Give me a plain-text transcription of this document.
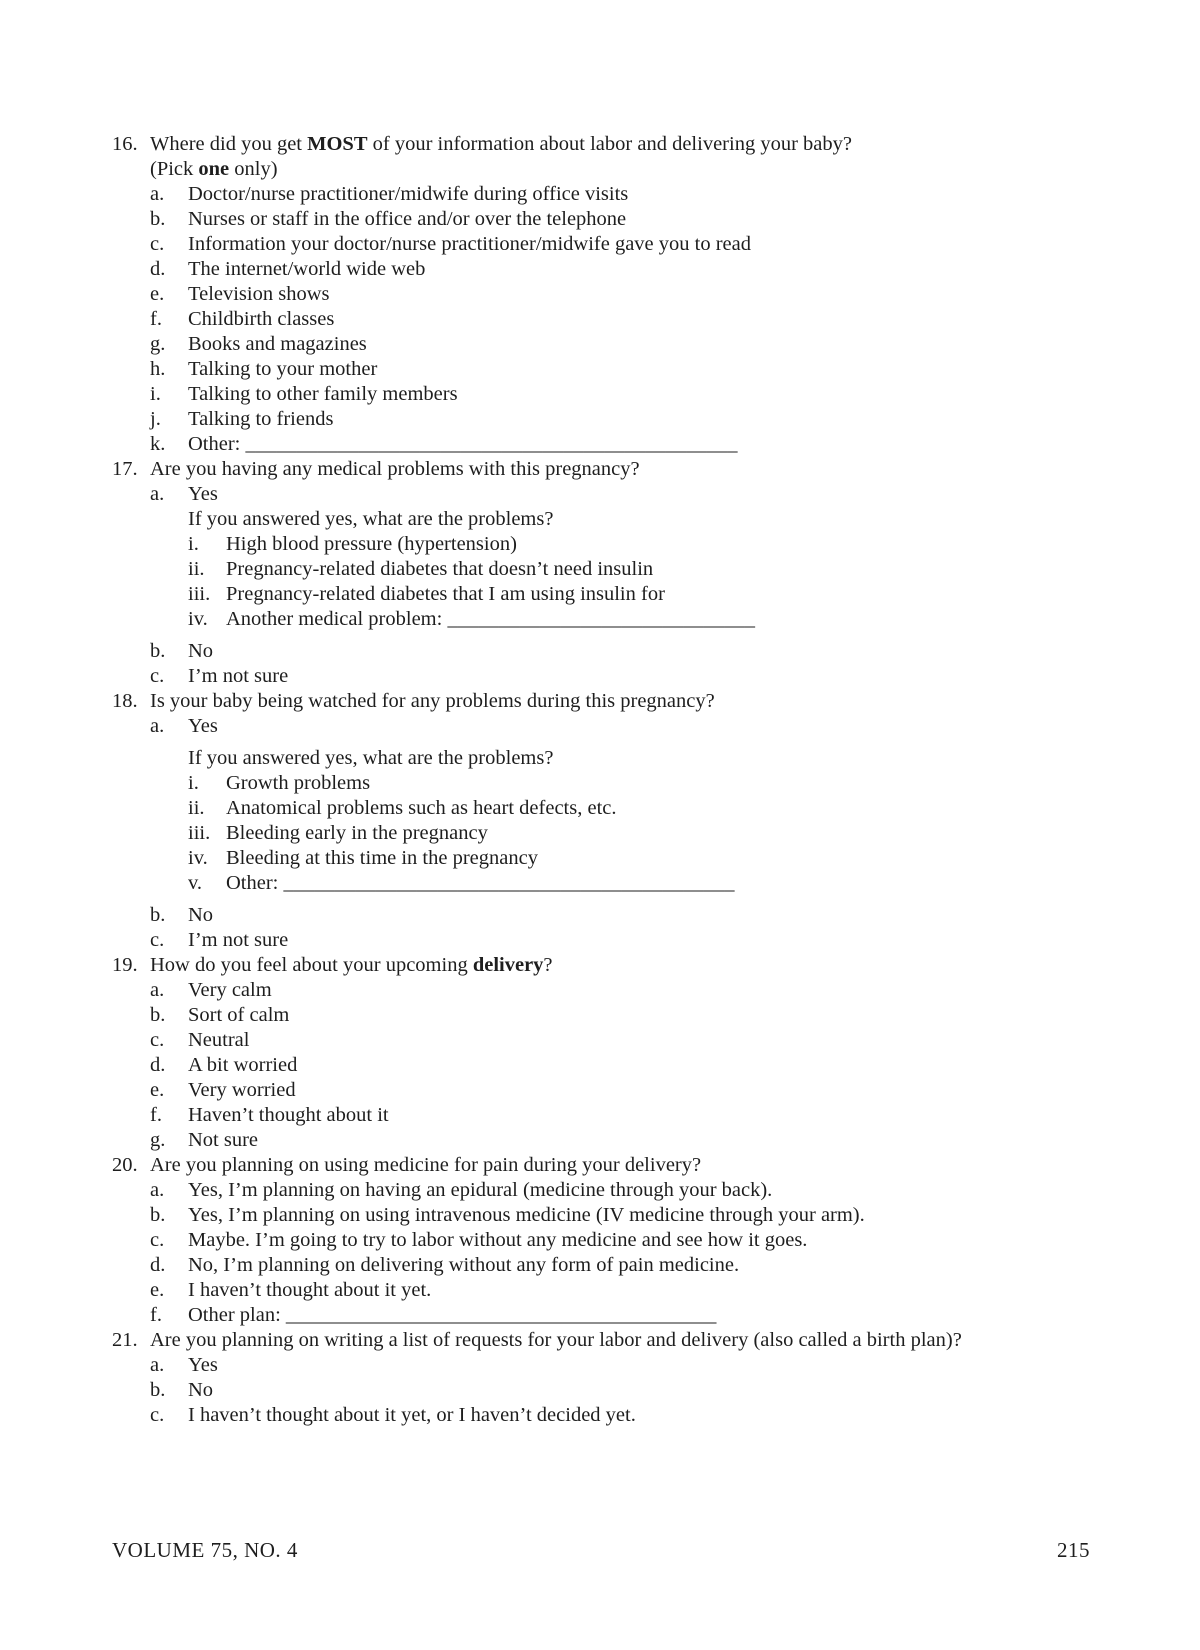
16. Where did you get MOST of your information about labor and delivering your baby?
(Pick one only)
a.	Doctor/nurse practitioner/midwife during office visits
b.	Nurses or staff in the office and/or over the telephone
c.	Information your doctor/nurse practitioner/midwife gave you to read
d.	The internet/world wide web
e.	Television shows
f.	Childbirth classes
g.	Books and magazines
h.	Talking to your mother
i.	Talking to other family members
j.	Talking to friends
k.	Other: ________________________________________________
17. Are you having any medical problems with this pregnancy?
a.	Yes
If you answered yes, what are the problems?
i.	High blood pressure (hypertension)
ii.	Pregnancy-related diabetes that doesn’t need insulin
iii. Pregnancy-related diabetes that I am using insulin for
iv. Another medical problem: ______________________________
b.	No
c.	I’m not sure
18. Is your baby being watched for any problems during this pregnancy?
a.	Yes
If you answered yes, what are the problems?
i.	Growth problems
ii.	Anatomical problems such as heart defects, etc.
iii. Bleeding early in the pregnancy
iv. Bleeding at this time in the pregnancy
v.	Other: ____________________________________________
b.	No
c.	I’m not sure
19. How do you feel about your upcoming delivery?
a.	Very calm
b.	Sort of calm
c.	Neutral
d.	A bit worried
e.	Very worried
f.	Haven’t thought about it
g.	Not sure
20. Are you planning on using medicine for pain during your delivery?
a.	Yes, I’m planning on having an epidural (medicine through your back).
b.	Yes, I’m planning on using intravenous medicine (IV medicine through your arm).
c.	Maybe. I’m going to try to labor without any medicine and see how it goes.
d.	No, I’m planning on delivering without any form of pain medicine.
e.	I haven’t thought about it yet.
f.	Other plan: __________________________________________
21. Are you planning on writing a list of requests for your labor and delivery (also called a birth plan)?
a.	Yes
b.	No
c.	I haven’t thought about it yet, or I haven’t decided yet.
VOLUME 75, NO. 4	215
